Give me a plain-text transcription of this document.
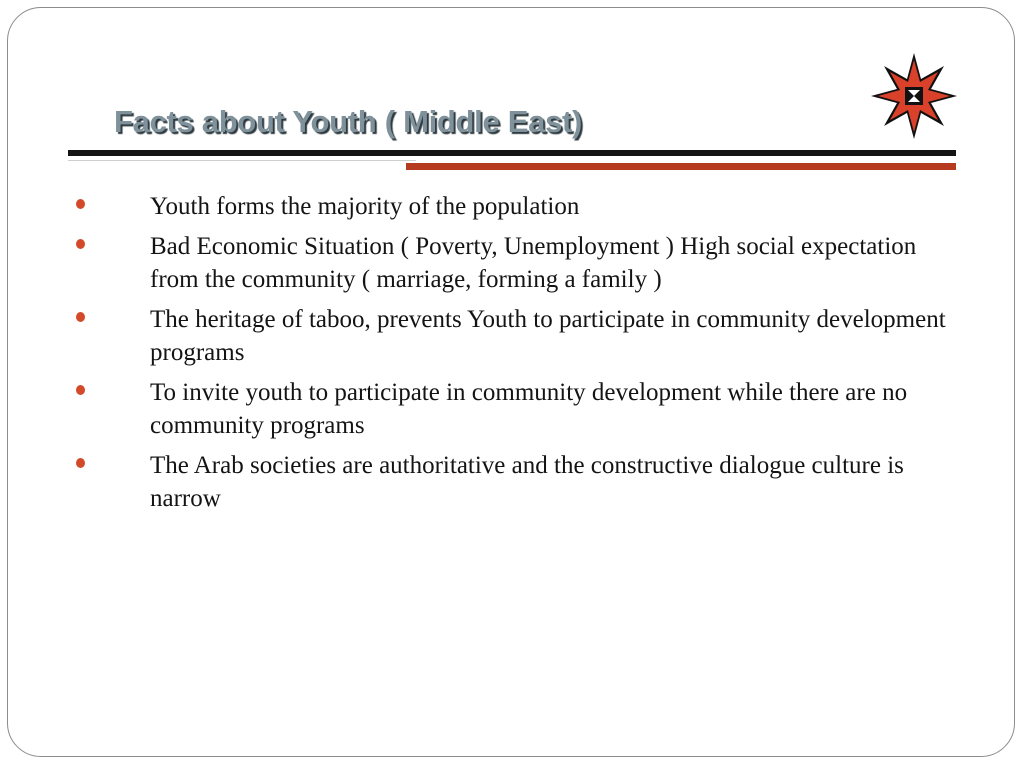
Facts about Youth ( Middle East)
Youth forms the majority of the population
Bad Economic Situation ( Poverty, Unemployment ) High social expectation from the community ( marriage, forming a family )
The heritage of taboo, prevents Youth to participate in community development programs
To invite youth to participate in community development while there are no community programs
The Arab societies are authoritative and the constructive dialogue culture is narrow
